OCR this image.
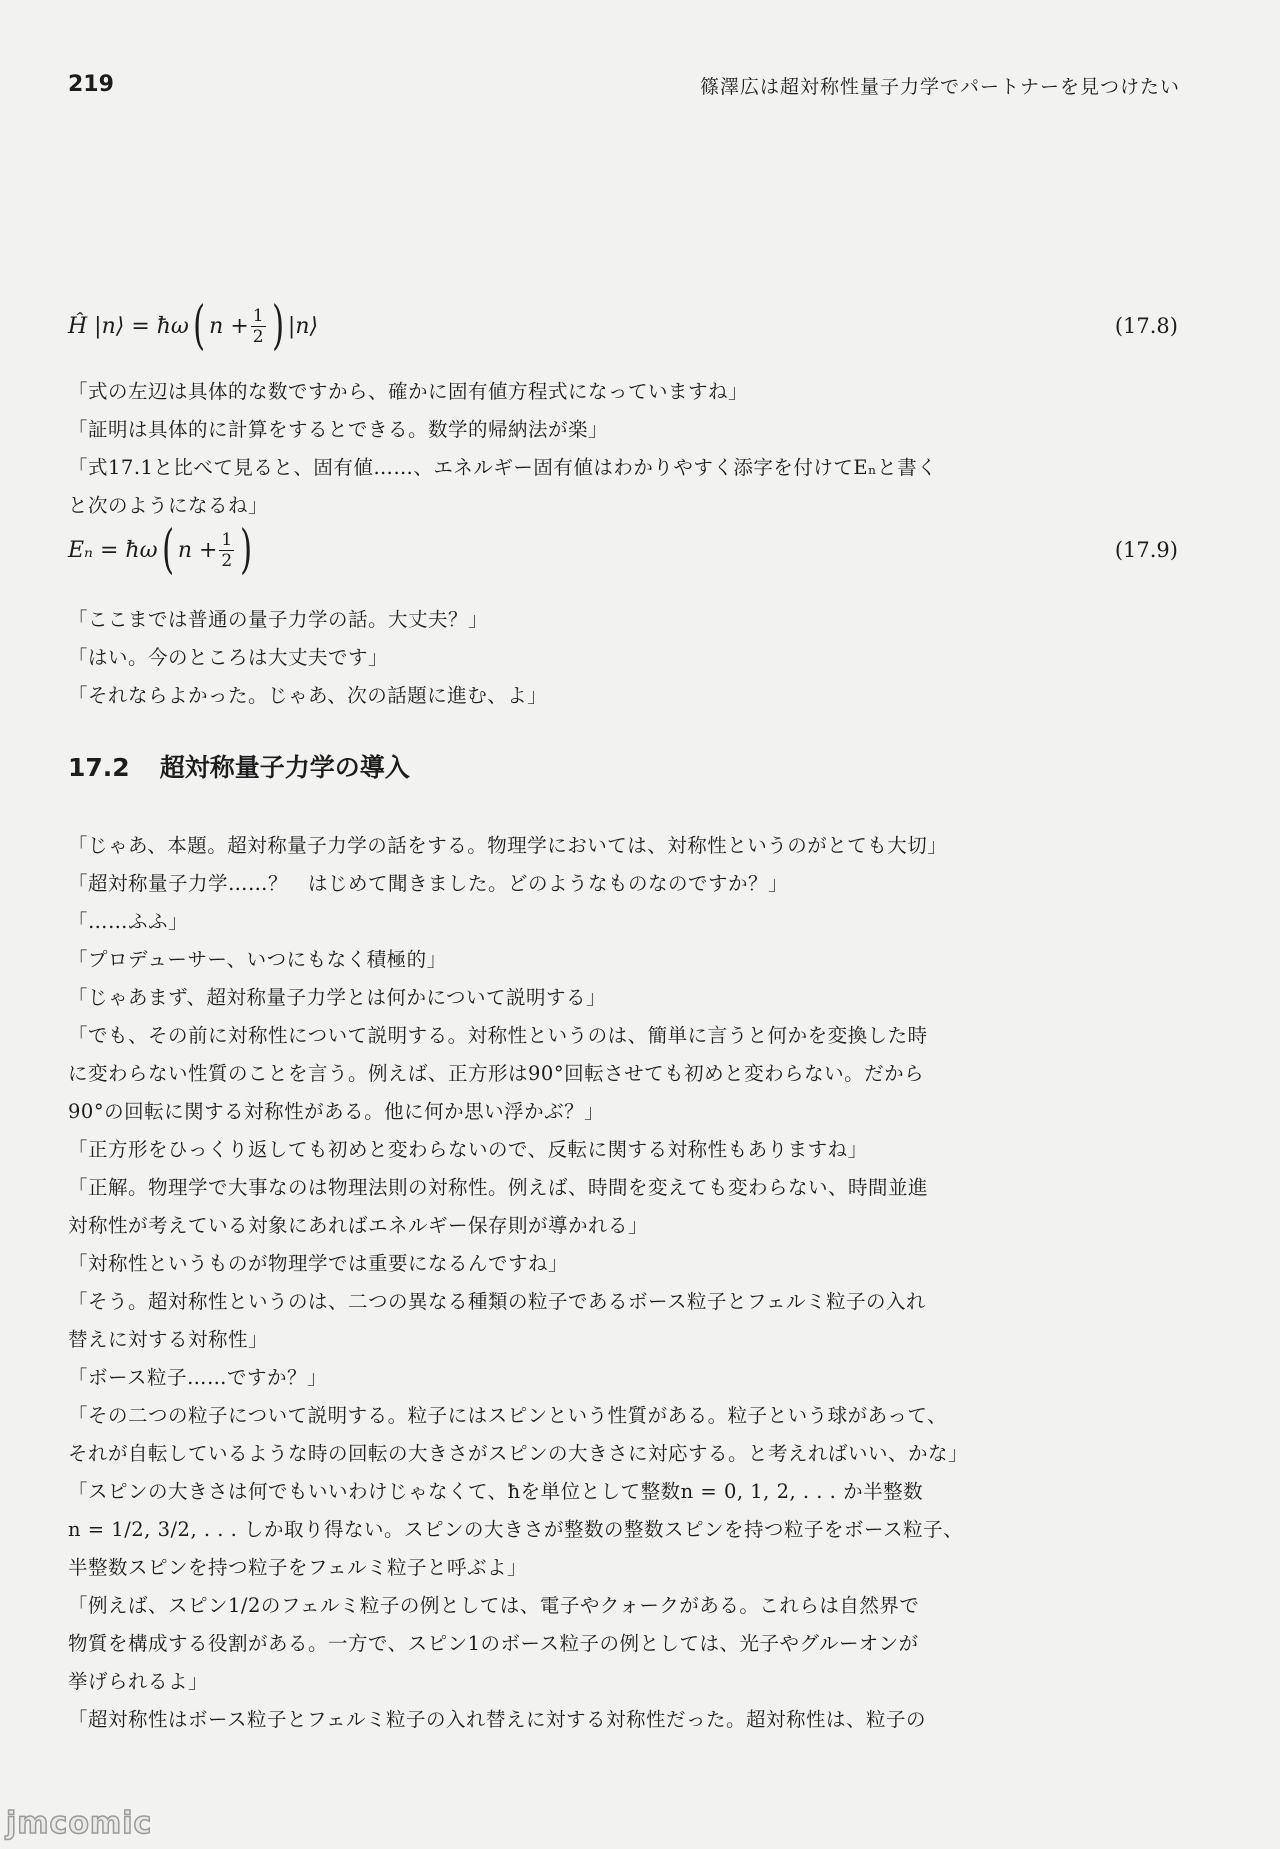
219	篠澤広は超対称性量子力学でパートナーを見つけたい
Ĥ |n⟩ = ħω ( $n + \frac{1}{2}$ ) |n⟩	(17.8)
「式の左辺は具体的な数ですから、確かに固有値方程式になっていますね」
「証明は具体的に計算をするとできる。数学的帰納法が楽」
「式17.1と比べて見ると、固有値……、エネルギー固有値はわかりやすく添字を付けてEₙと書く
と次のようになるね」
Eₙ = ħω ( $n + \frac{1}{2}$ )	(17.9)
「ここまでは普通の量子力学の話。大丈夫？」
「はい。今のところは大丈夫です」
「それならよかった。じゃあ、次の話題に進む、よ」
17.2 超対称量子力学の導入
「じゃあ、本題。超対称量子力学の話をする。物理学においては、対称性というのがとても大切」
「超対称量子力学……？　はじめて聞きました。どのようなものなのですか？」
「……ふふ」
「プロデューサー、いつにもなく積極的」
「じゃあまず、超対称量子力学とは何かについて説明する」
「でも、その前に対称性について説明する。対称性というのは、簡単に言うと何かを変換した時
に変わらない性質のことを言う。例えば、正方形は90°回転させても初めと変わらない。だから
90°の回転に関する対称性がある。他に何か思い浮かぶ？」
「正方形をひっくり返しても初めと変わらないので、反転に関する対称性もありますね」
「正解。物理学で大事なのは物理法則の対称性。例えば、時間を変えても変わらない、時間並進
対称性が考えている対象にあればエネルギー保存則が導かれる」
「対称性というものが物理学では重要になるんですね」
「そう。超対称性というのは、二つの異なる種類の粒子であるボース粒子とフェルミ粒子の入れ
替えに対する対称性」
「ボース粒子……ですか？」
「その二つの粒子について説明する。粒子にはスピンという性質がある。粒子という球があって、
それが自転しているような時の回転の大きさがスピンの大きさに対応する。と考えればいい、かな」
「スピンの大きさは何でもいいわけじゃなくて、ħを単位として整数n = 0, 1, 2, . . . か半整数
n = 1/2, 3/2, . . . しか取り得ない。スピンの大きさが整数の整数スピンを持つ粒子をボース粒子、
半整数スピンを持つ粒子をフェルミ粒子と呼ぶよ」
「例えば、スピン1/2のフェルミ粒子の例としては、電子やクォークがある。これらは自然界で
物質を構成する役割がある。一方で、スピン1のボース粒子の例としては、光子やグルーオンが
挙げられるよ」
「超対称性はボース粒子とフェルミ粒子の入れ替えに対する対称性だった。超対称性は、粒子の
jmcomic
